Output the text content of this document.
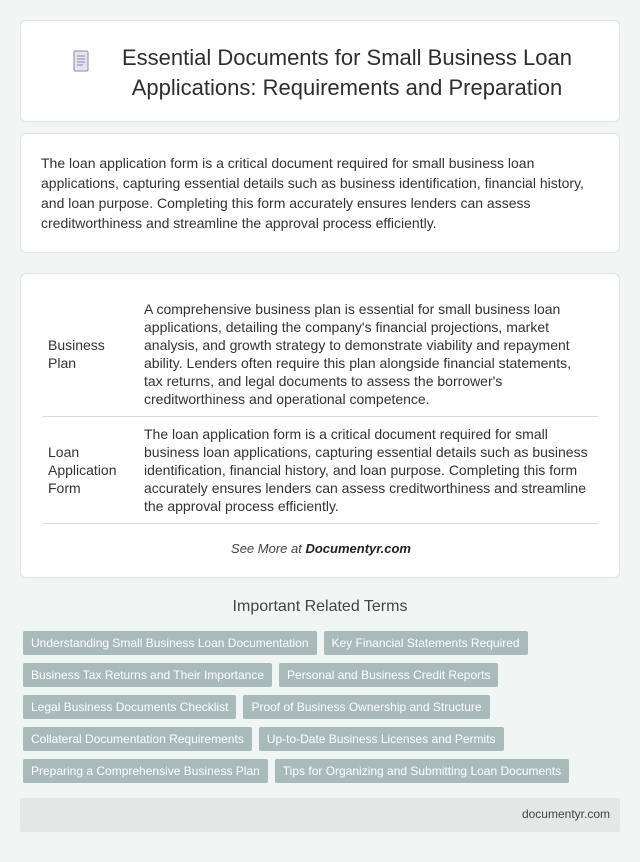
Essential Documents for Small Business Loan Applications: Requirements and Preparation

The loan application form is a critical document required for small business loan applications, capturing essential details such as business identification, financial history, and loan purpose. Completing this form accurately ensures lenders can assess creditworthiness and streamline the approval process efficiently.

Business Plan	A comprehensive business plan is essential for small business loan applications, detailing the company's financial projections, market analysis, and growth strategy to demonstrate viability and repayment ability. Lenders often require this plan alongside financial statements, tax returns, and legal documents to assess the borrower's creditworthiness and operational competence.
Loan Application Form	The loan application form is a critical document required for small business loan applications, capturing essential details such as business identification, financial history, and loan purpose. Completing this form accurately ensures lenders can assess creditworthiness and streamline the approval process efficiently.
See More at Documentyr.com
Important Related Terms
Understanding Small Business Loan Documentation	Key Financial Statements Required
Business Tax Returns and Their Importance	Personal and Business Credit Reports
Legal Business Documents Checklist	Proof of Business Ownership and Structure
Collateral Documentation Requirements	Up-to-Date Business Licenses and Permits
Preparing a Comprehensive Business Plan	Tips for Organizing and Submitting Loan Documents
documentyr.com
